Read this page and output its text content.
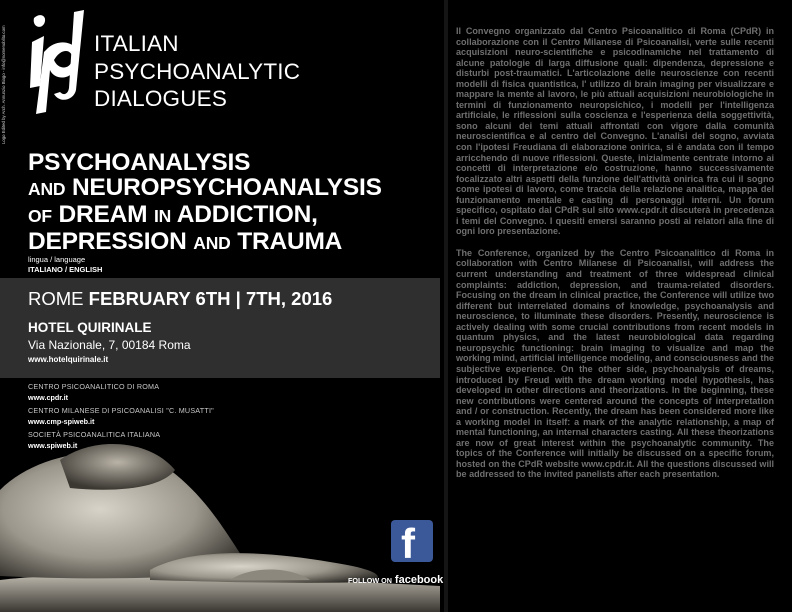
Logo Edited by Arch. Annunzio Biago - info@nomenoblito.com	ITALIAN
PSYCHOANALYTIC
DIALOGUES
PSYCHOANALYSIS
AND NEUROPSYCHOANALYSIS
OF DREAM IN ADDICTION,
DEPRESSION AND TRAUMA
lingua / language
ITALIANO / ENGLISH
ROME FEBRUARY 6TH | 7TH, 2016
HOTEL QUIRINALE
Via Nazionale, 7, 00184 Roma
www.hotelquirinale.it
CENTRO PSICOANALITICO DI ROMA
www.cpdr.it
CENTRO MILANESE DI PSICOANALISI "C. MUSATTI"
www.cmp-spiweb.it
SOCIETÀ PSICOANALITICA ITALIANA
www.spiweb.it
f
FOLLOW ON facebook

Il Convegno organizzato dal Centro Psicoanalitico di Roma (CPdR) in collaborazione con il Centro Milanese di Psicoanalisi, verte sulle recenti acquisizioni neuro-scientifiche e psicodinamiche nel trattamento di alcune patologie di larga diffusione quali: dipendenza, depressione e disturbi post-traumatici. L'articolazione delle neuroscienze con recenti modelli di fisica quantistica, l' utilizzo di brain imaging per visualizzare e mappare la mente al lavoro, le più attuali acquisizioni neurobiologiche in termini di funzionamento neuropsichico, i modelli per l'intelligenza artificiale, le riflessioni sulla coscienza e l'esperienza della soggettività, sono alcuni dei temi attuali affrontati con vigore dalla comunità neuroscientifica e al centro del Convegno. L'analisi del sogno, avviata con l'ipotesi Freudiana di elaborazione onirica, si è andata con il tempo arricchendo di nuove riflessioni. Queste, inizialmente centrate intorno ai concetti di interpretazione e/o costruzione, hanno successivamente focalizzato altri aspetti della funzione dell'attività onirica fra cui il sogno come ipotesi di lavoro, come traccia della relazione analitica, mappa del funzionamento mentale e casting di personaggi interni. Un forum specifico, ospitato dal CPdR sul sito www.cpdr.it discuterà in precedenza i temi del Convegno. I quesiti emersi saranno posti ai relatori alla fine di ogni loro presentazione.

The Conference, organized by the Centro Psicoanalitico di Roma in collaboration with Centro Milanese di Psicoanalisi, will address the current understanding and treatment of three widespread clinical complaints: addiction, depression, and trauma-related disorders. Focusing on the dream in clinical practice, the Conference will utilize two different but interrelated domains of knowledge, psychoanalysis and neuroscience, to illuminate these disorders. Presently, neuroscience is actively dealing with some crucial contributions from recent models in quantum physics, and the latest neurobiological data regarding neuropsychic functioning: brain imaging to visualize and map the working mind, artificial intelligence modeling, and consciousness and the subjective experience. On the other side, psychoanalysis of dreams, introduced by Freud with the dream working model hypothesis, has developed in other directions and theorizations. In the beginning, these new contributions were centered around the concepts of interpretation and / or construction. Recently, the dream has been considered more like a working model in itself: a mark of the analytic relationship, a map of mental functioning, an internal characters casting. All these theorizations are now of great interest within the psychoanalytic community. The topics of the Conference will initially be discussed on a specific forum, hosted on the CPdR website www.cpdr.it. All the questions discussed will be addressed to the invited panelists after each presentation.
